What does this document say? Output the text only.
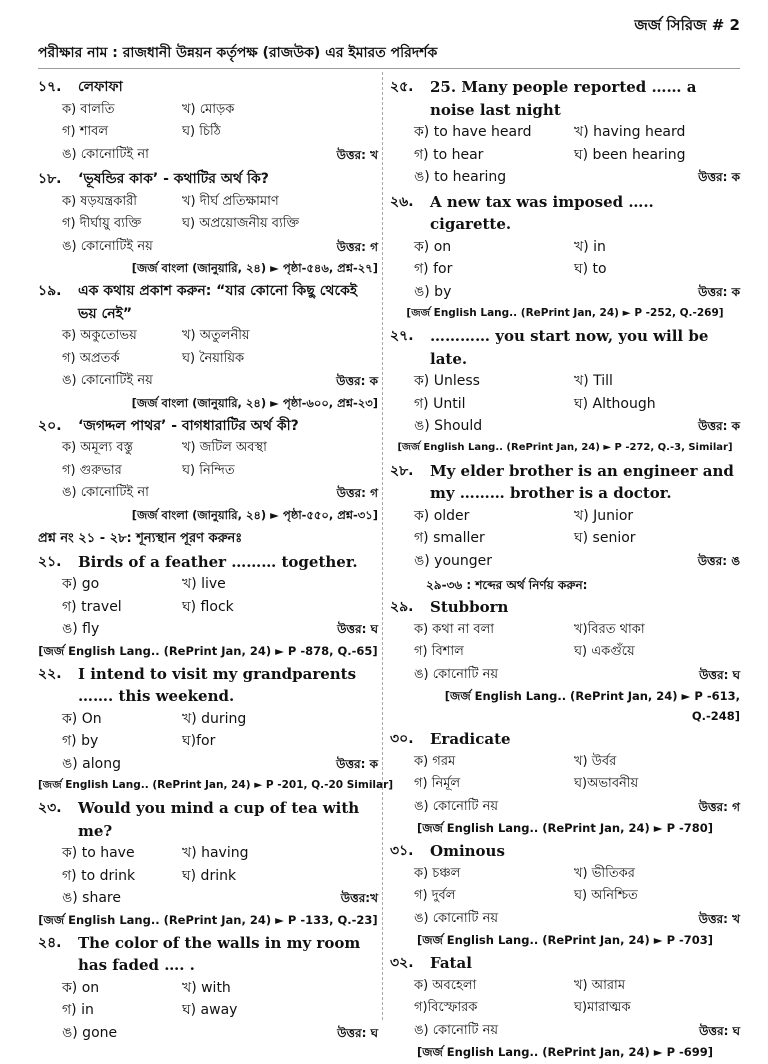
জর্জ সিরিজ # 2
পরীক্ষার নাম : রাজধানী উন্নয়ন কর্তৃপক্ষ (রাজউক) এর ইমারত পরিদর্শক
১৭.	লেফাফা
ক) বালতি	খ) মোড়ক
গ) শাবল	ঘ) চিঠি
ঙ) কোনোটিই না	উত্তর: খ
১৮.	‘ভূষন্ডির কাক’ - কথাটির অর্থ কি?
ক) ষড়যন্ত্রকারী	খ) দীর্ঘ প্রতিক্ষামাণ
গ) দীর্ঘায়ু ব্যক্তি	ঘ) অপ্রয়োজনীয় ব্যক্তি
ঙ) কোনোটিই নয়	উত্তর: গ
[জর্জ বাংলা (জানুয়ারি, ২৪) ► পৃষ্ঠা-৫৪৬, প্রশ্ন-২৭]
১৯.	এক কথায় প্রকাশ করুন: “যার কোনো কিছু থেকেই ভয় নেই”
ক) অকুতোভয়	খ) অতুলনীয়
গ) অপ্রতর্ক	ঘ) নৈয়ায়িক
ঙ) কোনোটিই নয়	উত্তর: ক
[জর্জ বাংলা (জানুয়ারি, ২৪) ► পৃষ্ঠা-৬০০, প্রশ্ন-২৩]
২০.	‘জগদ্দল পাথর’ - বাগধারাটির অর্থ কী?
ক) অমূল্য বস্তু	খ) জটিল অবস্থা
গ) গুরুভার	ঘ) নিন্দিত
ঙ) কোনোটিই না	উত্তর: গ
[জর্জ বাংলা (জানুয়ারি, ২৪) ► পৃষ্ঠা-৫৫০, প্রশ্ন-৩১]
প্রশ্ন নং ২১ - ২৮: শূন্যস্থান পূরণ করুনঃ
২১.	Birds of a feather ……… together.
ক) go	খ) live
গ) travel	ঘ) flock
ঙ) fly	উত্তর: ঘ
[জর্জ English Lang.. (RePrint Jan, 24) ► P -878, Q.-65]
২২.	I intend to visit my grandparents ……. this weekend.
ক) On	খ) during
গ) by	ঘ)for
ঙ) along	উত্তর: ক
[জর্জ English Lang.. (RePrint Jan, 24) ► P -201, Q.-20 Similar]
২৩.	Would you mind a cup of tea with me?
ক) to have	খ) having
গ) to drink	ঘ) drink
ঙ) share	উত্তর:খ
[জর্জ English Lang.. (RePrint Jan, 24) ► P -133, Q.-23]
২৪.	The color of the walls in my room has faded …. .
ক) on	খ) with
গ) in	ঘ) away
ঙ) gone	উত্তর: ঘ
২৫.	25. Many people reported …… a noise last night
ক) to have heard	খ) having heard
গ) to hear	ঘ) been hearing
ঙ) to hearing	উত্তর: ক
২৬.	A new tax was imposed ….. cigarette.
ক) on	খ) in
গ) for	ঘ) to
ঙ) by	উত্তর: ক
[জর্জ English Lang.. (RePrint Jan, 24) ► P -252, Q.-269]
২৭.	………… you start now, you will be late.
ক) Unless	খ) Till
গ) Until	ঘ) Although
ঙ) Should	উত্তর: ক
[জর্জ English Lang.. (RePrint Jan, 24) ► P -272, Q.-3, Similar]
২৮.	My elder brother is an engineer and my ……… brother is a doctor.
ক) older	খ) Junior
গ) smaller	ঘ) senior
ঙ) younger	উত্তর: ঙ
২৯-৩৬ : শব্দের অর্থ নির্ণয় করুন:
২৯.	Stubborn
ক) কথা না বলা	খ)বিরত থাকা
গ) বিশাল	ঘ) একগুঁয়ে
ঙ) কোনোটি নয়	উত্তর: ঘ
[জর্জ English Lang.. (RePrint Jan, 24) ► P -613,
Q.-248]
৩০.	Eradicate
ক) গরম	খ) উর্বর
গ) নির্মূল	ঘ)অভাবনীয়
ঙ) কোনোটি নয়	উত্তর: গ
[জর্জ English Lang.. (RePrint Jan, 24) ► P -780]
৩১.	Ominous
ক) চঞ্চল	খ) ভীতিকর
গ) দুর্বল	ঘ) অনিশ্চিত
ঙ) কোনোটি নয়	উত্তর: খ
[জর্জ English Lang.. (RePrint Jan, 24) ► P -703]
৩২.	Fatal
ক) অবহেলা	খ) আরাম
গ)বিস্ফোরক	ঘ)মারাত্মক
ঙ) কোনোটি নয়	উত্তর: ঘ
[জর্জ English Lang.. (RePrint Jan, 24) ► P -699]
